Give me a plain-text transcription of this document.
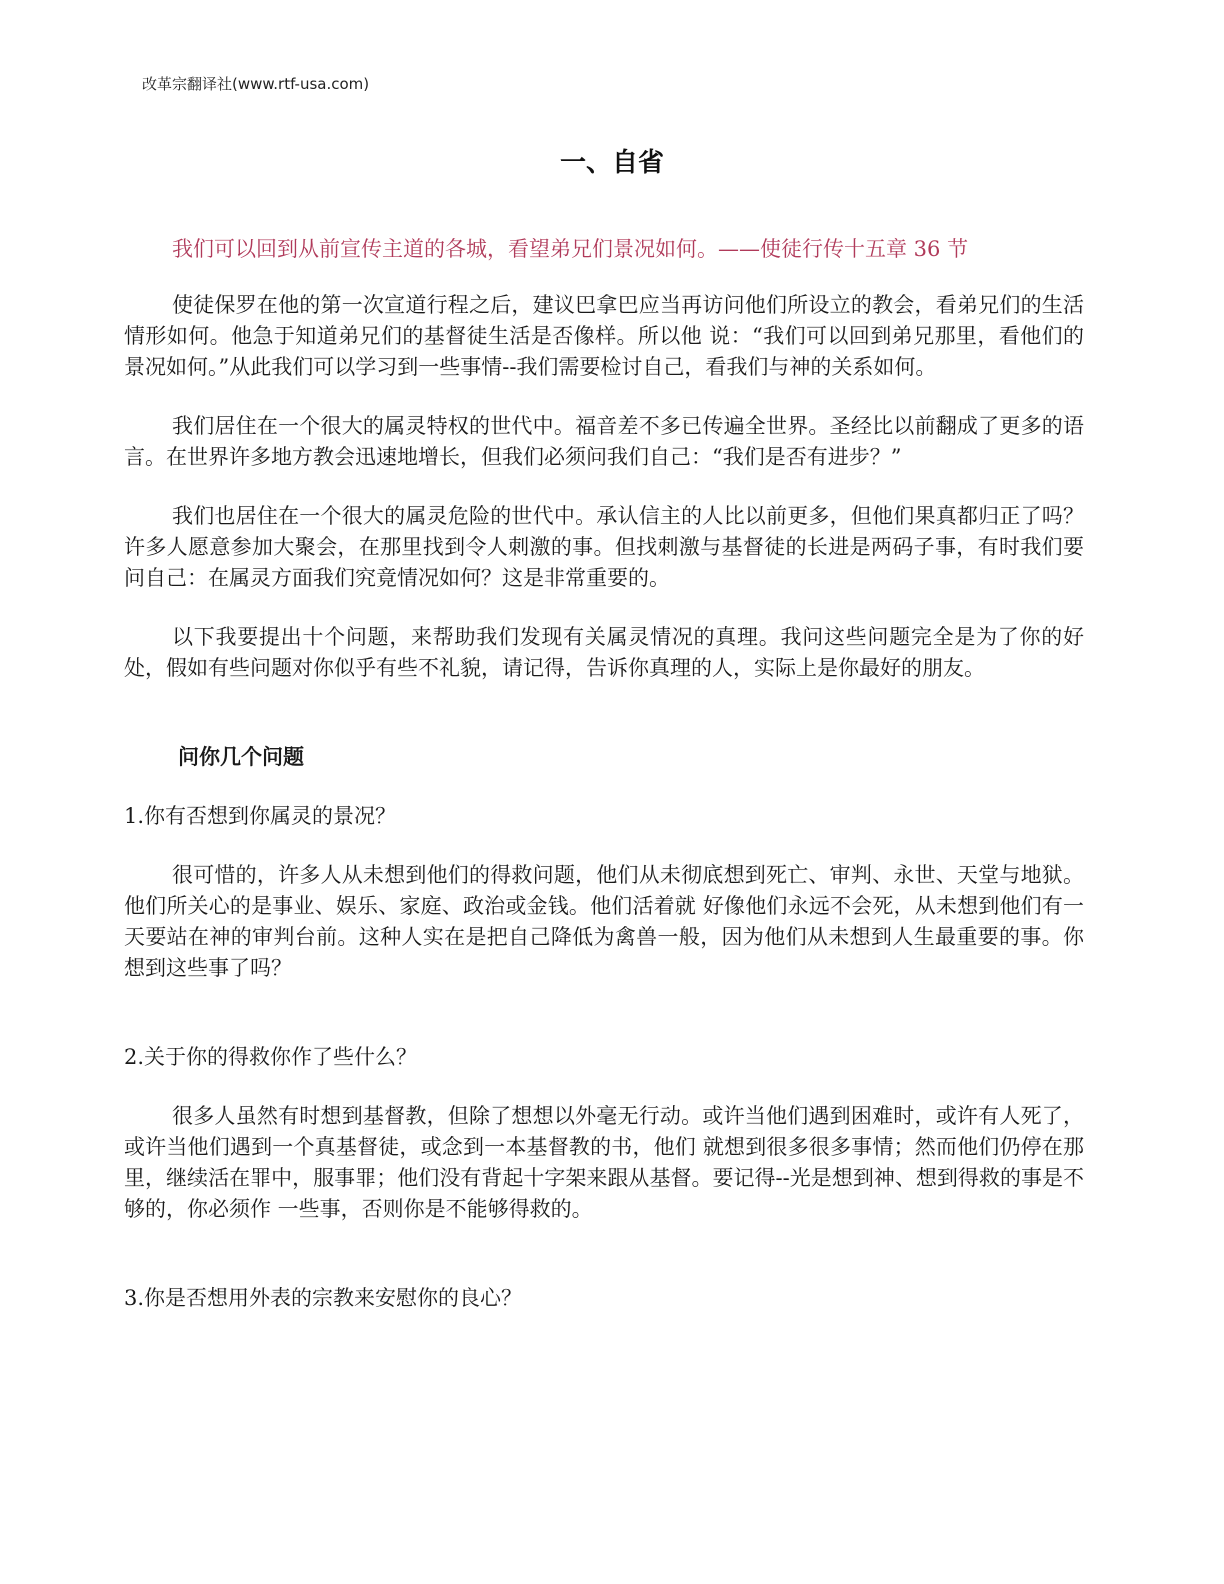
改革宗翻译社(www.rtf-usa.com)
一、自省
我们可以回到从前宣传主道的各城，看望弟兄们景况如何。——使徒行传十五章 36 节

使徒保罗在他的第一次宣道行程之后，建议巴拿巴应当再访问他们所设立的教会，看弟兄们的生活情形如何。他急于知道弟兄们的基督徒生活是否像样。所以他 说：“我们可以回到弟兄那里，看他们的景况如何。”从此我们可以学习到一些事情--我们需要检讨自己，看我们与神的关系如何。

我们居住在一个很大的属灵特权的世代中。福音差不多已传遍全世界。圣经比以前翻成了更多的语言。在世界许多地方教会迅速地增长，但我们必须问我们自己：“我们是否有进步？”

我们也居住在一个很大的属灵危险的世代中。承认信主的人比以前更多，但他们果真都归正了吗？许多人愿意参加大聚会，在那里找到令人刺激的事。但找刺激与基督徒的长进是两码子事，有时我们要问自己：在属灵方面我们究竟情况如何？这是非常重要的。

以下我要提出十个问题，来帮助我们发现有关属灵情况的真理。我问这些问题完全是为了你的好处，假如有些问题对你似乎有些不礼貌，请记得，告诉你真理的人，实际上是你最好的朋友。

问你几个问题

1.你有否想到你属灵的景况？

很可惜的，许多人从未想到他们的得救问题，他们从未彻底想到死亡、审判、永世、天堂与地狱。他们所关心的是事业、娱乐、家庭、政治或金钱。他们活着就 好像他们永远不会死，从未想到他们有一天要站在神的审判台前。这种人实在是把自己降低为禽兽一般，因为他们从未想到人生最重要的事。你想到这些事了吗？

2.关于你的得救你作了些什么？

很多人虽然有时想到基督教，但除了想想以外毫无行动。或许当他们遇到困难时，或许有人死了，或许当他们遇到一个真基督徒，或念到一本基督教的书，他们 就想到很多很多事情；然而他们仍停在那里，继续活在罪中，服事罪；他们没有背起十字架来跟从基督。要记得--光是想到神、想到得救的事是不够的，你必须作 一些事，否则你是不能够得救的。

3.你是否想用外表的宗教来安慰你的良心？
